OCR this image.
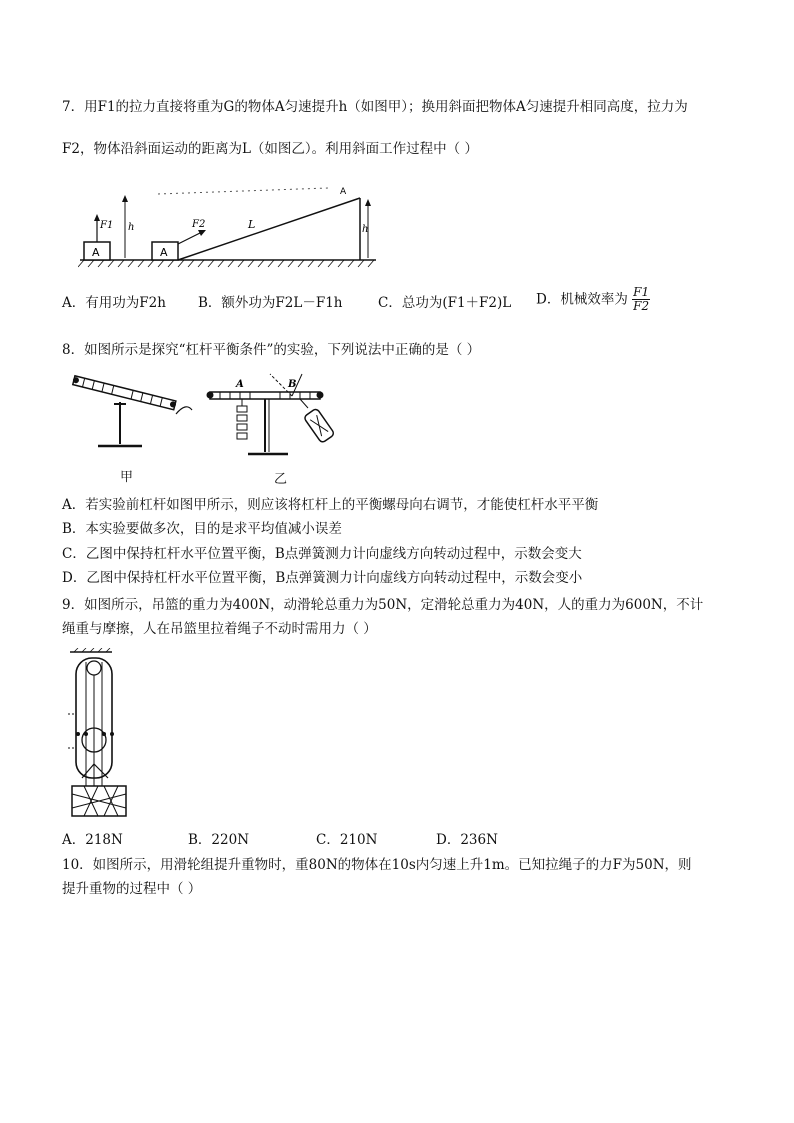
7．用F1的拉力直接将重为G的物体A匀速提升h（如图甲）；换用斜面把物体A匀速提升相同高度，拉力为
F2，物体沿斜面运动的距离为L（如图乙）。利用斜面工作过程中（ ）
A
F1 h
A
F2	L
A
h
A．有用功为F2h B．额外功为F2L－F1h	C．总功为(F1＋F2)L D．机械效率为 $\frac{F1}{F2}$
8．如图所示是探究“杠杆平衡条件”的实验，下列说法中正确的是（ ）
甲
A	B
乙
A．若实验前杠杆如图甲所示，则应该将杠杆上的平衡螺母向右调节，才能使杠杆水平平衡
B．本实验要做多次，目的是求平均值减小误差
C．乙图中保持杠杆水平位置平衡，B点弹簧测力计向虚线方向转动过程中，示数会变大
D．乙图中保持杠杆水平位置平衡，B点弹簧测力计向虚线方向转动过程中，示数会变小
9．如图所示，吊篮的重力为400N，动滑轮总重力为50N，定滑轮总重力为40N，人的重力为600N，不计
绳重与摩擦，人在吊篮里拉着绳子不动时需用力（ ）
A．218N	B．220N	C．210N	D．236N
10．如图所示，用滑轮组提升重物时，重80N的物体在10s内匀速上升1m。已知拉绳子的力F为50N，则
提升重物的过程中（ ）
